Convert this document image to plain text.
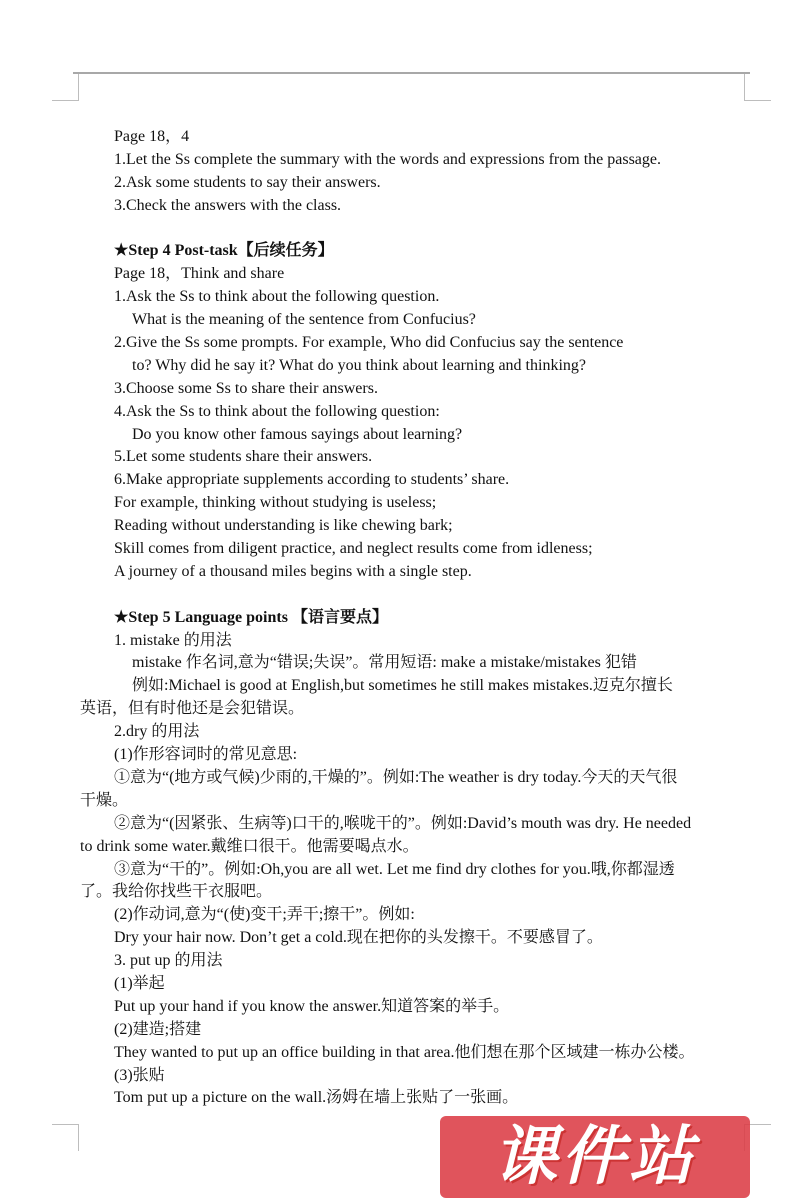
Page 18，4
1.Let the Ss complete the summary with the words and expressions from the passage.
2.Ask some students to say their answers.
3.Check the answers with the class.
★Step 4 Post-task【后续任务】
Page 18，Think and share
1.Ask the Ss to think about the following question.
What is the meaning of the sentence from Confucius?
2.Give the Ss some prompts. For example, Who did Confucius say the sentence
to? Why did he say it? What do you think about learning and thinking?
3.Choose some Ss to share their answers.
4.Ask the Ss to think about the following question:
Do you know other famous sayings about learning?
5.Let some students share their answers.
6.Make appropriate supplements according to students’ share.
For example, thinking without studying is useless;
Reading without understanding is like chewing bark;
Skill comes from diligent practice, and neglect results come from idleness;
A journey of a thousand miles begins with a single step.
★Step 5 Language points 【语言要点】
1. mistake 的用法
mistake 作名词,意为“错误;失误”。常用短语: make a mistake/mistakes 犯错
例如:Michael is good at English,but sometimes he still makes mistakes.迈克尔擅长
英语，但有时他还是会犯错误。
2.dry 的用法
(1)作形容词时的常见意思:
①意为“(地方或气候)少雨的,干燥的”。例如:The weather is dry today.今天的天气很
干燥。
②意为“(因紧张、生病等)口干的,喉咙干的”。例如:David’s mouth was dry. He needed
to drink some water.戴维口很干。他需要喝点水。
③意为“干的”。例如:Oh,you are all wet. Let me find dry clothes for you.哦,你都湿透
了。我给你找些干衣服吧。
(2)作动词,意为“(使)变干;弄干;擦干”。例如:
Dry your hair now. Don’t get a cold.现在把你的头发擦干。不要感冒了。
3. put up 的用法
(1)举起
Put up your hand if you know the answer.知道答案的举手。
(2)建造;搭建
They wanted to put up an office building in that area.他们想在那个区域建一栋办公楼。
(3)张贴
Tom put up a picture on the wall.汤姆在墙上张贴了一张画。
课件站
